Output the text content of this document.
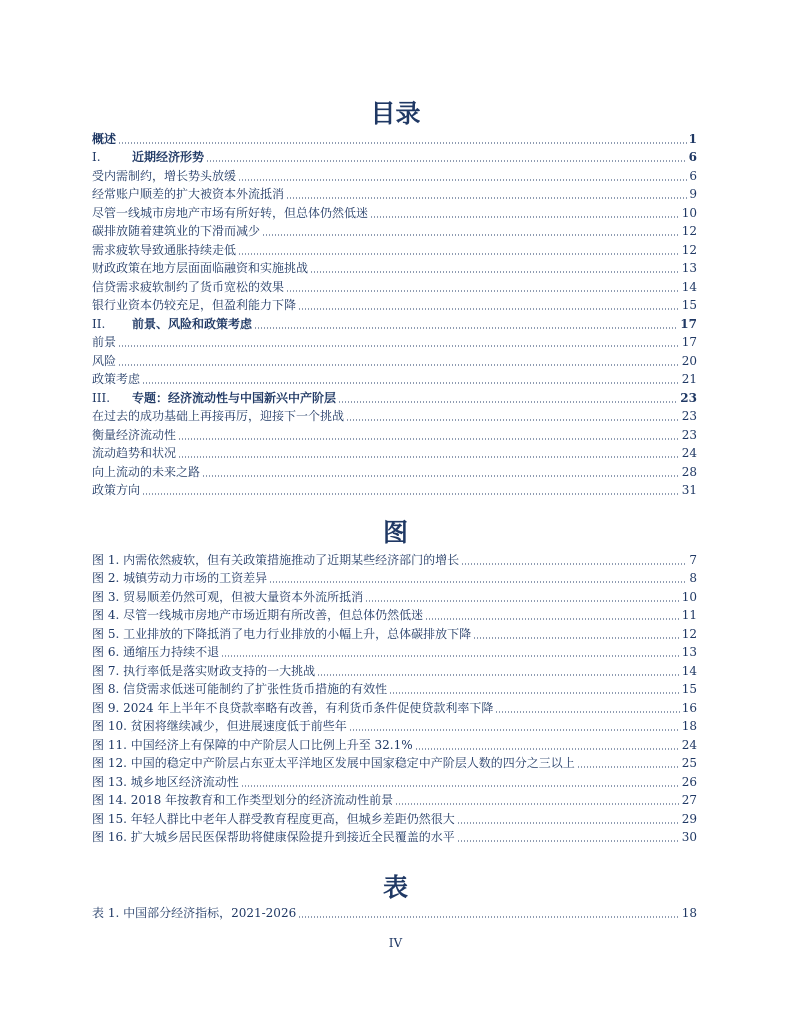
目录
概述	1
I.	近期经济形势	6
受内需制约，增长势头放缓	6
经常账户顺差的扩大被资本外流抵消	9
尽管一线城市房地产市场有所好转，但总体仍然低迷	10
碳排放随着建筑业的下滑而减少	12
需求疲软导致通胀持续走低	12
财政政策在地方层面面临融资和实施挑战	13
信贷需求疲软制约了货币宽松的效果	14
银行业资本仍较充足，但盈利能力下降	15
II.	前景、风险和政策考虑	17
前景	17
风险	20
政策考虑	21
III.	专题：经济流动性与中国新兴中产阶层	23
在过去的成功基础上再接再厉，迎接下一个挑战	23
衡量经济流动性	23
流动趋势和状况	24
向上流动的未来之路	28
政策方向	31
图
图 1. 内需依然疲软，但有关政策措施推动了近期某些经济部门的增长	7
图 2. 城镇劳动力市场的工资差异	8
图 3. 贸易顺差仍然可观，但被大量资本外流所抵消	10
图 4. 尽管一线城市房地产市场近期有所改善，但总体仍然低迷	11
图 5. 工业排放的下降抵消了电力行业排放的小幅上升，总体碳排放下降	12
图 6. 通缩压力持续不退	13
图 7. 执行率低是落实财政支持的一大挑战	14
图 8. 信贷需求低迷可能制约了扩张性货币措施的有效性	15
图 9. 2024 年上半年不良贷款率略有改善，有利货币条件促使贷款利率下降	16
图 10. 贫困将继续减少，但进展速度低于前些年	18
图 11. 中国经济上有保障的中产阶层人口比例上升至 32.1%	24
图 12. 中国的稳定中产阶层占东亚太平洋地区发展中国家稳定中产阶层人数的四分之三以上	25
图 13. 城乡地区经济流动性	26
图 14. 2018 年按教育和工作类型划分的经济流动性前景	27
图 15. 年轻人群比中老年人群受教育程度更高，但城乡差距仍然很大	29
图 16. 扩大城乡居民医保帮助将健康保险提升到接近全民覆盖的水平	30
表
表 1. 中国部分经济指标，2021-2026	18
IV
